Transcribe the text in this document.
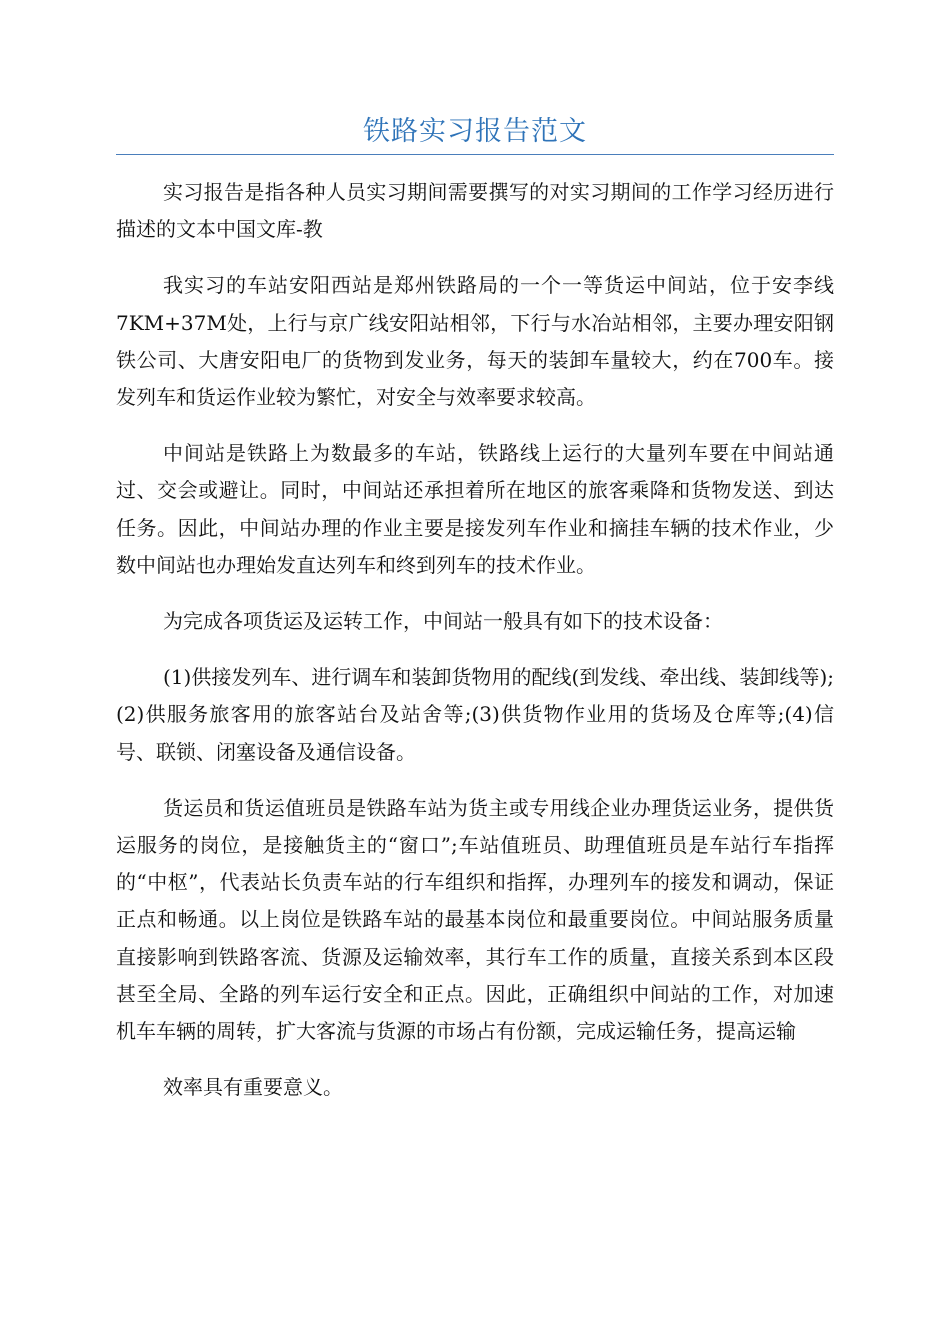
铁路实习报告范文

实习报告是指各种人员实习期间需要撰写的对实习期间的工作学习经历进行描述的文本中国文库-教

我实习的车站安阳西站是郑州铁路局的一个一等货运中间站，位于安李线7KM+37M处，上行与京广线安阳站相邻，下行与水冶站相邻，主要办理安阳钢铁公司、大唐安阳电厂的货物到发业务，每天的装卸车量较大，约在700车。接发列车和货运作业较为繁忙，对安全与效率要求较高。

中间站是铁路上为数最多的车站，铁路线上运行的大量列车要在中间站通过、交会或避让。同时，中间站还承担着所在地区的旅客乘降和货物发送、到达任务。因此，中间站办理的作业主要是接发列车作业和摘挂车辆的技术作业，少数中间站也办理始发直达列车和终到列车的技术作业。

为完成各项货运及运转工作，中间站一般具有如下的技术设备：

(1)供接发列车、进行调车和装卸货物用的配线(到发线、牵出线、装卸线等);(2)供服务旅客用的旅客站台及站舍等;(3)供货物作业用的货场及仓库等;(4)信号、联锁、闭塞设备及通信设备。

货运员和货运值班员是铁路车站为货主或专用线企业办理货运业务，提供货运服务的岗位，是接触货主的“窗口”;车站值班员、助理值班员是车站行车指挥的“中枢”，代表站长负责车站的行车组织和指挥，办理列车的接发和调动，保证正点和畅通。以上岗位是铁路车站的最基本岗位和最重要岗位。中间站服务质量直接影响到铁路客流、货源及运输效率，其行车工作的质量，直接关系到本区段甚至全局、全路的列车运行安全和正点。因此，正确组织中间站的工作，对加速机车车辆的周转，扩大客流与货源的市场占有份额，完成运输任务，提高运输

效率具有重要意义。
